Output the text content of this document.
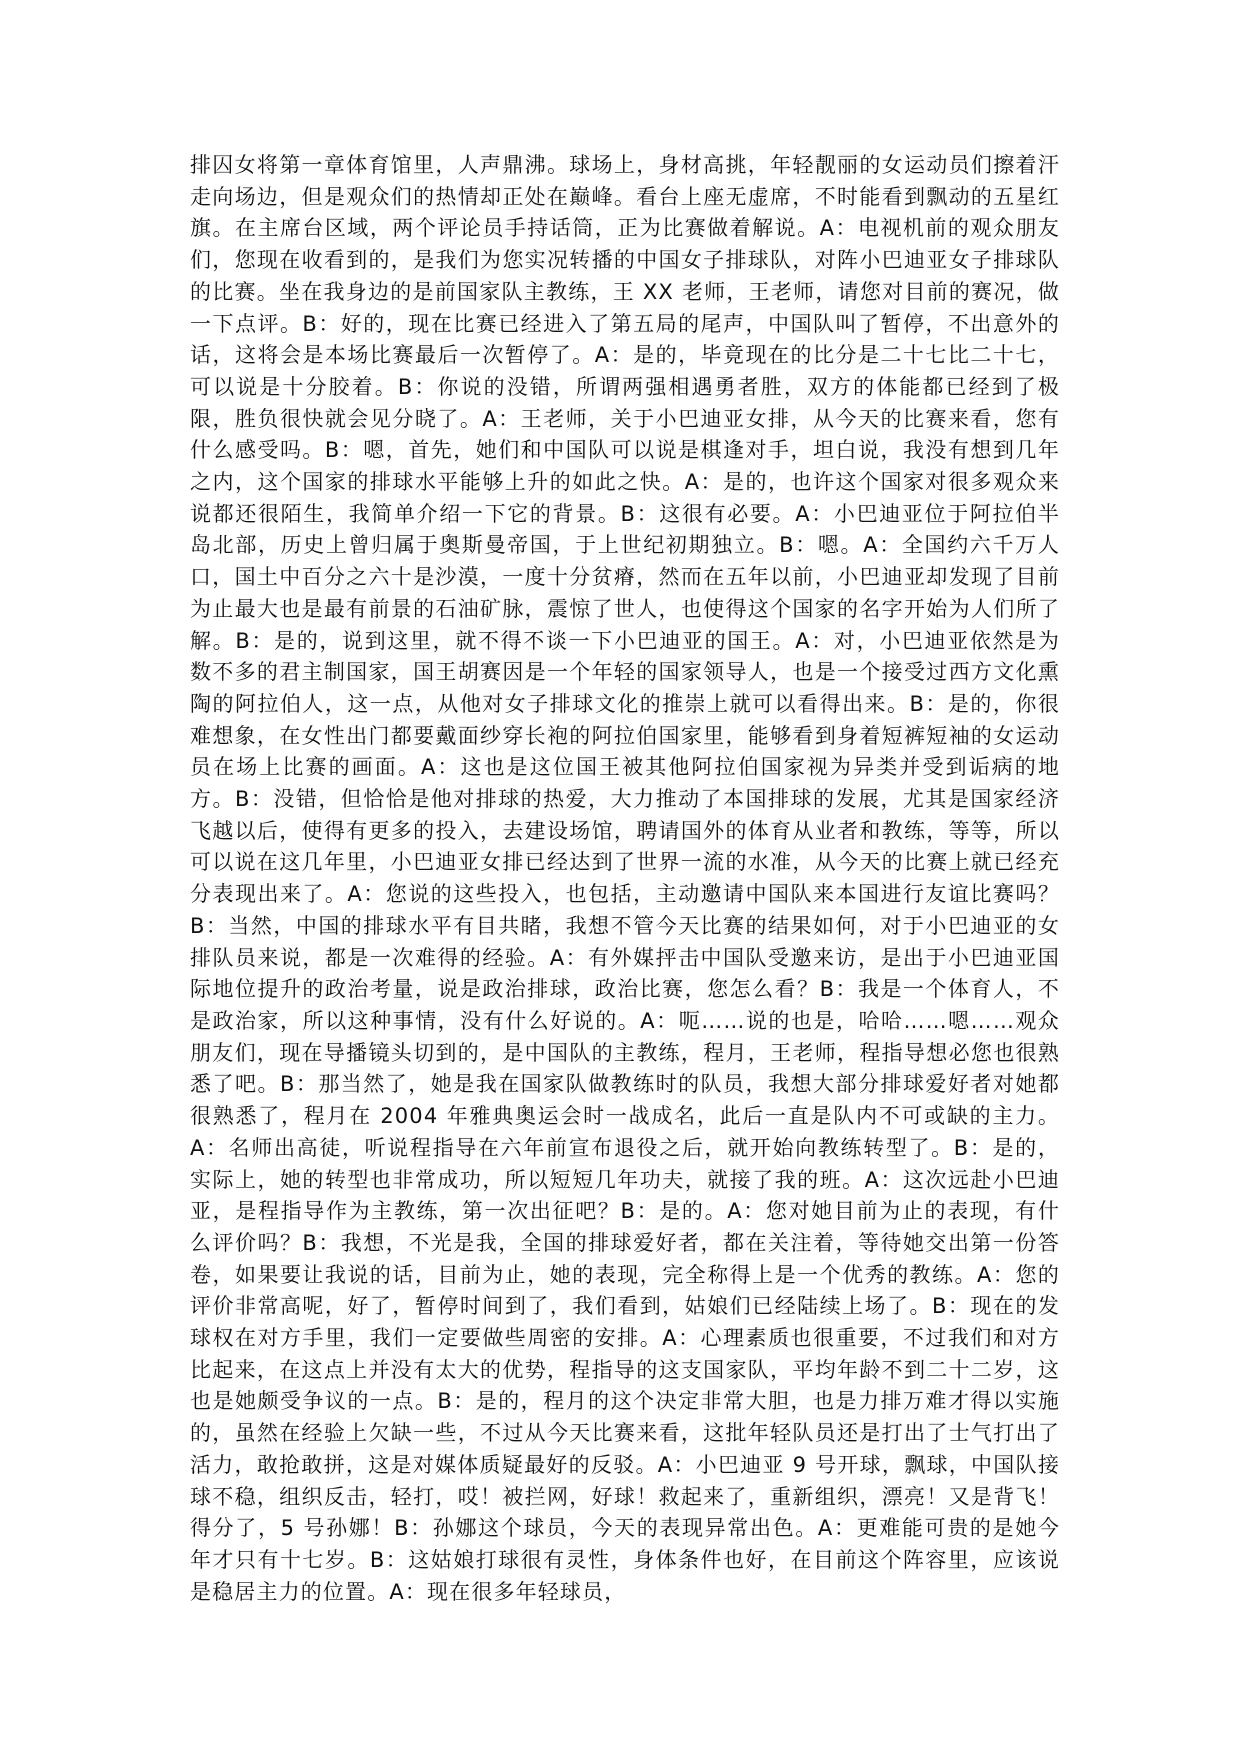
排囚女将第一章体育馆里，人声鼎沸。球场上，身材高挑，年轻靓丽的女运动员们擦着汗走向场边，但是观众们的热情却正处在巅峰。看台上座无虚席，不时能看到飘动的五星红旗。在主席台区域，两个评论员手持话筒，正为比赛做着解说。A：电视机前的观众朋友们，您现在收看到的，是我们为您实况转播的中国女子排球队，对阵小巴迪亚女子排球队的比赛。坐在我身边的是前国家队主教练，王 XX 老师，王老师，请您对目前的赛况，做一下点评。B：好的，现在比赛已经进入了第五局的尾声，中国队叫了暂停，不出意外的话，这将会是本场比赛最后一次暂停了。A：是的，毕竟现在的比分是二十七比二十七，可以说是十分胶着。B：你说的没错，所谓两强相遇勇者胜，双方的体能都已经到了极限，胜负很快就会见分晓了。A：王老师，关于小巴迪亚女排，从今天的比赛来看，您有什么感受吗。B：嗯，首先，她们和中国队可以说是棋逢对手，坦白说，我没有想到几年之内，这个国家的排球水平能够上升的如此之快。A：是的，也许这个国家对很多观众来说都还很陌生，我简单介绍一下它的背景。B：这很有必要。A：小巴迪亚位于阿拉伯半岛北部，历史上曾归属于奥斯曼帝国，于上世纪初期独立。B：嗯。A：全国约六千万人口，国土中百分之六十是沙漠，一度十分贫瘠，然而在五年以前，小巴迪亚却发现了目前为止最大也是最有前景的石油矿脉，震惊了世人，也使得这个国家的名字开始为人们所了解。B：是的，说到这里，就不得不谈一下小巴迪亚的国王。A：对，小巴迪亚依然是为数不多的君主制国家，国王胡赛因是一个年轻的国家领导人，也是一个接受过西方文化熏陶的阿拉伯人，这一点，从他对女子排球文化的推崇上就可以看得出来。B：是的，你很难想象，在女性出门都要戴面纱穿长袍的阿拉伯国家里，能够看到身着短裤短袖的女运动员在场上比赛的画面。A：这也是这位国王被其他阿拉伯国家视为异类并受到诟病的地方。B：没错，但恰恰是他对排球的热爱，大力推动了本国排球的发展，尤其是国家经济飞越以后，使得有更多的投入，去建设场馆，聘请国外的体育从业者和教练，等等，所以可以说在这几年里，小巴迪亚女排已经达到了世界一流的水准，从今天的比赛上就已经充分表现出来了。A：您说的这些投入，也包括，主动邀请中国队来本国进行友谊比赛吗？B：当然，中国的排球水平有目共睹，我想不管今天比赛的结果如何，对于小巴迪亚的女排队员来说，都是一次难得的经验。A：有外媒抨击中国队受邀来访，是出于小巴迪亚国际地位提升的政治考量，说是政治排球，政治比赛，您怎么看？B：我是一个体育人，不是政治家，所以这种事情，没有什么好说的。A：呃……说的也是，哈哈……嗯……观众朋友们，现在导播镜头切到的，是中国队的主教练，程月，王老师，程指导想必您也很熟悉了吧。B：那当然了，她是我在国家队做教练时的队员，我想大部分排球爱好者对她都很熟悉了，程月在 2004 年雅典奥运会时一战成名，此后一直是队内不可或缺的主力。A：名师出高徒，听说程指导在六年前宣布退役之后，就开始向教练转型了。B：是的，实际上，她的转型也非常成功，所以短短几年功夫，就接了我的班。A：这次远赴小巴迪亚，是程指导作为主教练，第一次出征吧？B：是的。A：您对她目前为止的表现，有什么评价吗？B：我想，不光是我，全国的排球爱好者，都在关注着，等待她交出第一份答卷，如果要让我说的话，目前为止，她的表现，完全称得上是一个优秀的教练。A：您的评价非常高呢，好了，暂停时间到了，我们看到，姑娘们已经陆续上场了。B：现在的发球权在对方手里，我们一定要做些周密的安排。A：心理素质也很重要，不过我们和对方比起来，在这点上并没有太大的优势，程指导的这支国家队，平均年龄不到二十二岁，这也是她颇受争议的一点。B：是的，程月的这个决定非常大胆，也是力排万难才得以实施的，虽然在经验上欠缺一些，不过从今天比赛来看，这批年轻队员还是打出了士气打出了活力，敢抢敢拼，这是对媒体质疑最好的反驳。A：小巴迪亚 9 号开球，飘球，中国队接球不稳，组织反击，轻打，哎！被拦网，好球！救起来了，重新组织，漂亮！又是背飞！得分了，5 号孙娜！B：孙娜这个球员，今天的表现异常出色。A：更难能可贵的是她今年才只有十七岁。B：这姑娘打球很有灵性，身体条件也好，在目前这个阵容里，应该说是稳居主力的位置。A：现在很多年轻球员，
